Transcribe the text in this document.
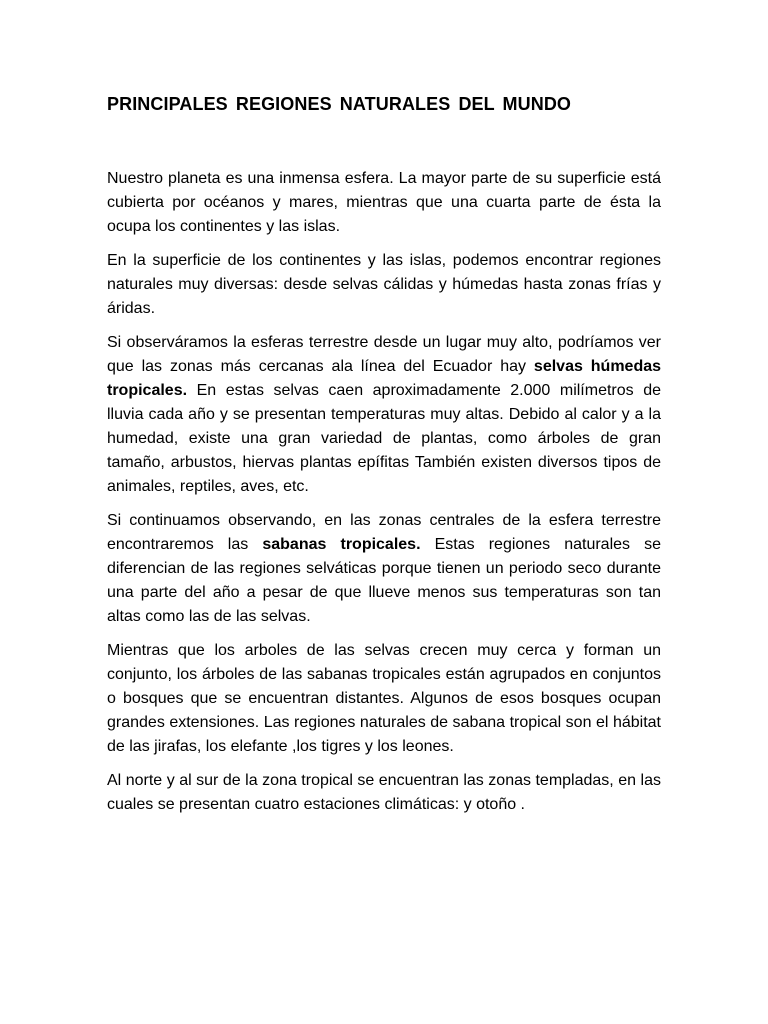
PRINCIPALES REGIONES NATURALES DEL MUNDO

Nuestro planeta es una inmensa esfera. La mayor parte de su superficie está cubierta por océanos y mares, mientras que una cuarta parte de ésta la ocupa los continentes y las islas.

En la superficie de los continentes y las islas, podemos encontrar regiones naturales muy diversas: desde selvas cálidas y húmedas hasta zonas frías y áridas.

Si observáramos la esferas terrestre desde un lugar muy alto, podríamos ver que las zonas más cercanas ala línea del Ecuador hay selvas húmedas tropicales. En estas selvas caen aproximadamente 2.000 milímetros de lluvia cada año y se presentan temperaturas muy altas. Debido al calor y a la humedad, existe una gran variedad de plantas, como árboles de gran tamaño, arbustos, hiervas plantas epífitas También existen diversos tipos de animales, reptiles, aves, etc.

Si continuamos observando, en las zonas centrales de la esfera terrestre encontraremos las sabanas tropicales. Estas regiones naturales se diferencian de las regiones selváticas porque tienen un periodo seco durante una parte del año a pesar de que llueve menos sus temperaturas son tan altas como las de las selvas.

Mientras que los arboles de las selvas crecen muy cerca y forman un conjunto, los árboles de las sabanas tropicales están agrupados en conjuntos o bosques que se encuentran distantes. Algunos de esos bosques ocupan grandes extensiones. Las regiones naturales de sabana tropical son el hábitat de las jirafas, los elefante ,los tigres y los leones.

Al norte y al sur de la zona tropical se encuentran las zonas templadas, en las cuales se presentan cuatro estaciones climáticas: y otoño .
